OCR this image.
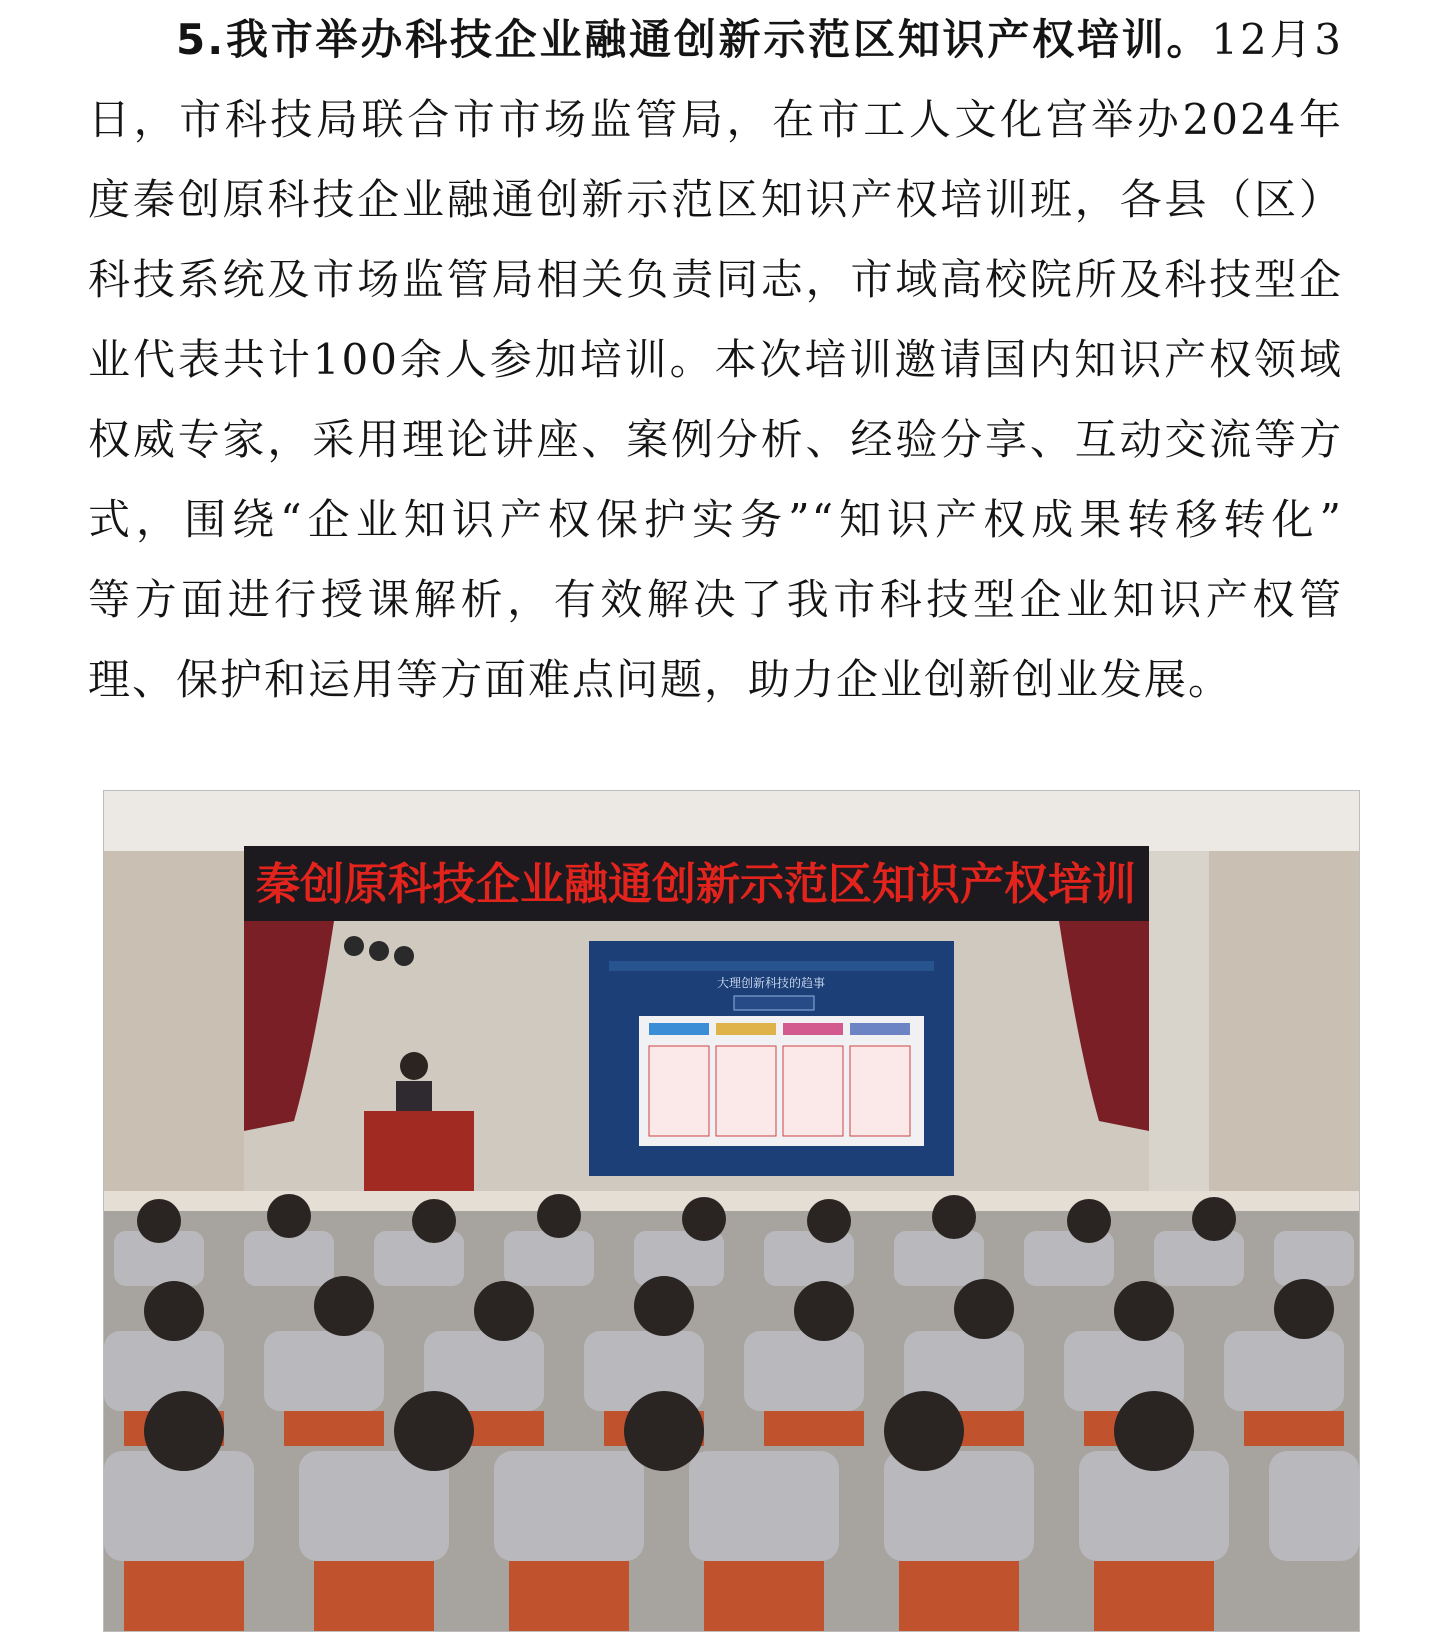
5.我市举办科技企业融通创新示范区知识产权培训。12月3
日，市科技局联合市市场监管局，在市工人文化宫举办2024年
度秦创原科技企业融通创新示范区知识产权培训班，各县（区）
科技系统及市场监管局相关负责同志，市域高校院所及科技型企
业代表共计100余人参加培训。本次培训邀请国内知识产权领域
权威专家，采用理论讲座、案例分析、经验分享、互动交流等方
式，围绕“企业知识产权保护实务”“知识产权成果转移转化”
等方面进行授课解析，有效解决了我市科技型企业知识产权管
理、保护和运用等方面难点问题，助力企业创新创业发展。
秦创原科技企业融通创新示范区知识产权培训
大理创新科技的趋事
